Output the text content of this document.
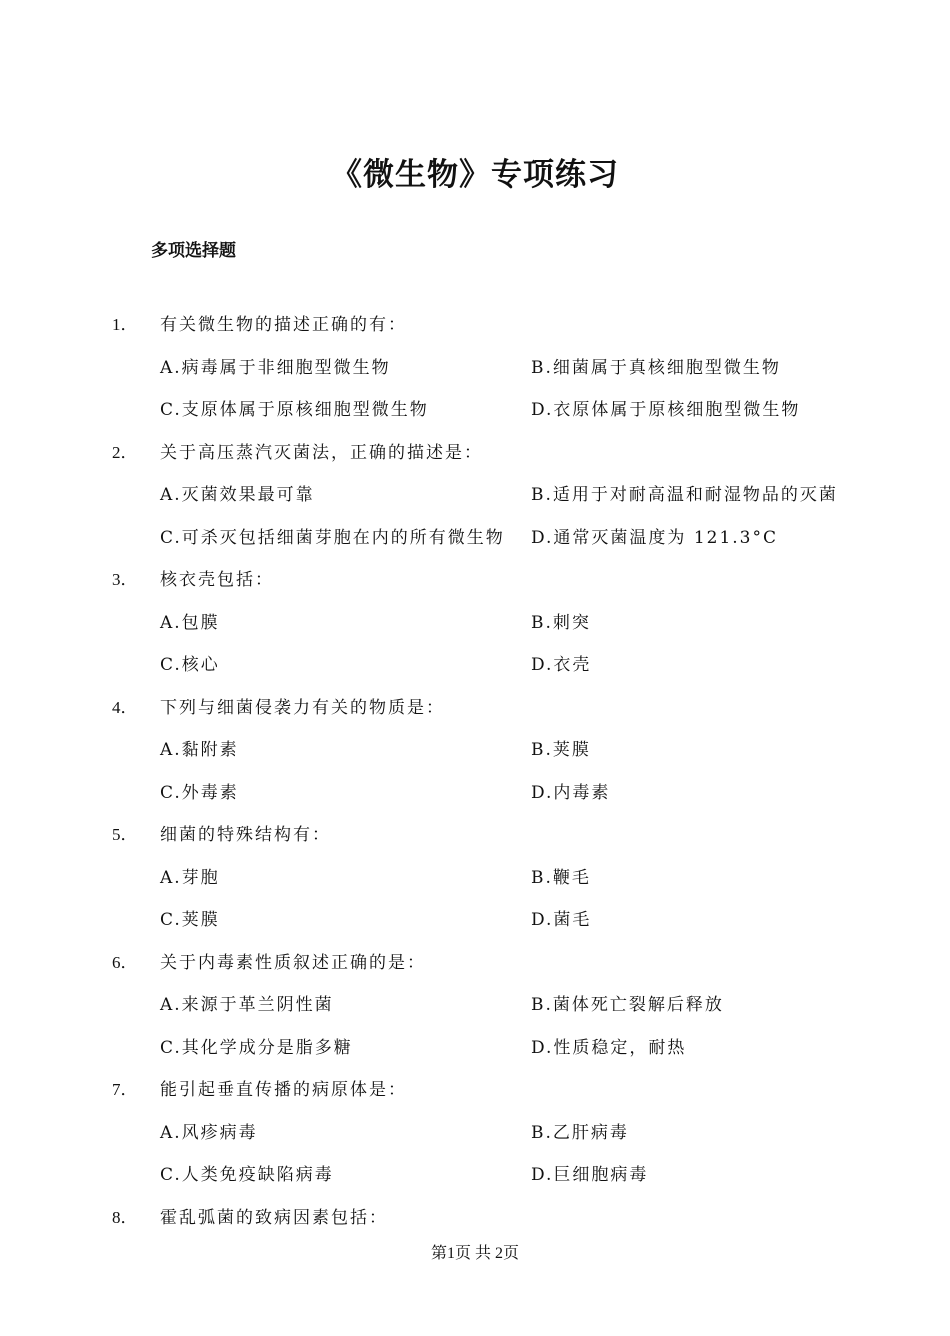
《微生物》专项练习
多项选择题
1． 有关微生物的描述正确的有：
A.病毒属于非细胞型微生物	B.细菌属于真核细胞型微生物
C.支原体属于原核细胞型微生物	D.衣原体属于原核细胞型微生物
2． 关于高压蒸汽灭菌法，正确的描述是：
A.灭菌效果最可靠	B.适用于对耐高温和耐湿物品的灭菌
C.可杀灭包括细菌芽胞在内的所有微生物 D.通常灭菌温度为 121.3°C
3． 核衣壳包括：
A.包膜	B.刺突
C.核心	D.衣壳
4． 下列与细菌侵袭力有关的物质是：
A.黏附素	B.荚膜
C.外毒素	D.内毒素
5． 细菌的特殊结构有：
A.芽胞	B.鞭毛
C.荚膜	D.菌毛
6． 关于内毒素性质叙述正确的是：
A.来源于革兰阴性菌	B.菌体死亡裂解后释放
C.其化学成分是脂多糖	D.性质稳定，耐热
7． 能引起垂直传播的病原体是：
A.风疹病毒	B.乙肝病毒
C.人类免疫缺陷病毒	D.巨细胞病毒
8． 霍乱弧菌的致病因素包括：
第1页 共 2页
